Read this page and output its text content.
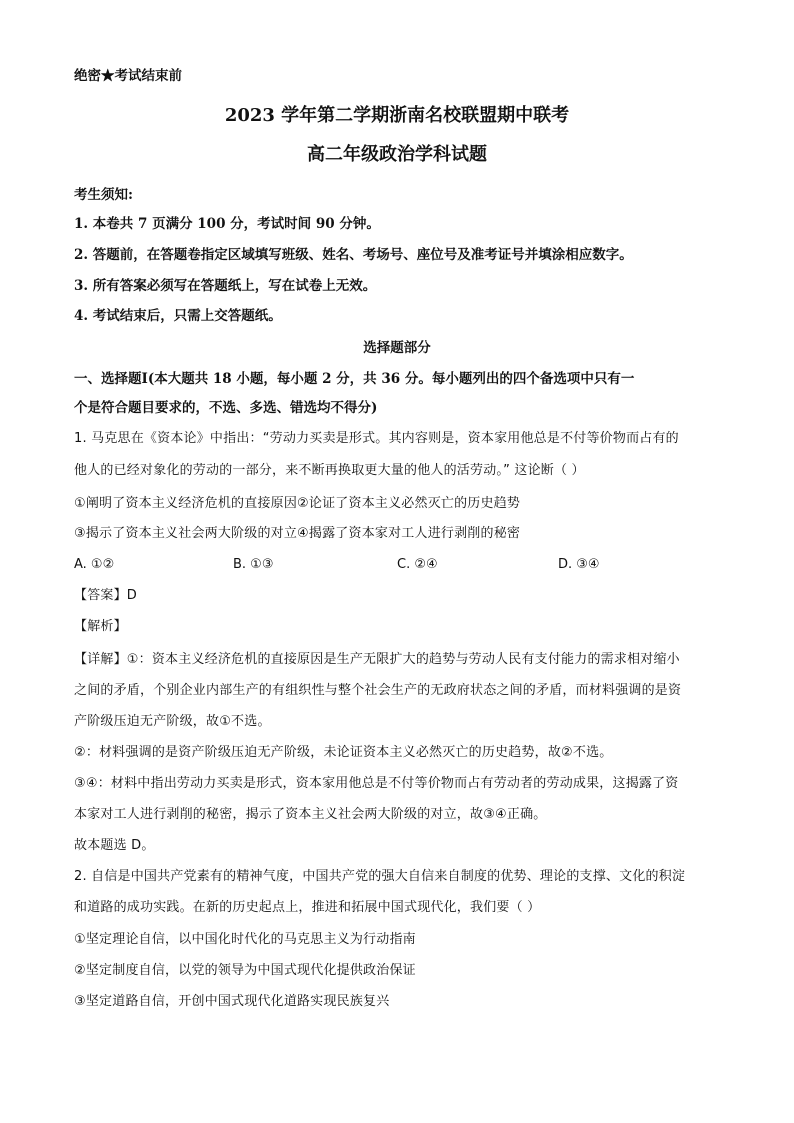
绝密★考试结束前
2023 学年第二学期浙南名校联盟期中联考
高二年级政治学科试题
考生须知:
1. 本卷共 7 页满分 100 分，考试时间 90 分钟。
2. 答题前，在答题卷指定区域填写班级、姓名、考场号、座位号及准考证号并填涂相应数字。
3. 所有答案必须写在答题纸上，写在试卷上无效。
4. 考试结束后，只需上交答题纸。
选择题部分
一、选择题Ⅰ(本大题共 18 小题，每小题 2 分，共 36 分。每小题列出的四个备选项中只有一
个是符合题目要求的，不选、多选、错选均不得分)
1. 马克思在《资本论》中指出：“劳动力买卖是形式。其内容则是，资本家用他总是不付等价物而占有的
他人的已经对象化的劳动的一部分，来不断再换取更大量的他人的活劳动。” 这论断（ ）
①阐明了资本主义经济危机的直接原因②论证了资本主义必然灭亡的历史趋势
③揭示了资本主义社会两大阶级的对立④揭露了资本家对工人进行剥削的秘密
A. ①②	B. ①③	C. ②④	D. ③④
【答案】D
【解析】
【详解】①：资本主义经济危机的直接原因是生产无限扩大的趋势与劳动人民有支付能力的需求相对缩小
之间的矛盾，个别企业内部生产的有组织性与整个社会生产的无政府状态之间的矛盾，而材料强调的是资
产阶级压迫无产阶级，故①不选。
②：材料强调的是资产阶级压迫无产阶级，未论证资本主义必然灭亡的历史趋势，故②不选。
③④：材料中指出劳动力买卖是形式，资本家用他总是不付等价物而占有劳动者的劳动成果，这揭露了资
本家对工人进行剥削的秘密，揭示了资本主义社会两大阶级的对立，故③④正确。
故本题选 D。
2. 自信是中国共产党素有的精神气度，中国共产党的强大自信来自制度的优势、理论的支撑、文化的积淀
和道路的成功实践。在新的历史起点上，推进和拓展中国式现代化，我们要（ ）
①坚定理论自信，以中国化时代化的马克思主义为行动指南
②坚定制度自信，以党的领导为中国式现代化提供政治保证
③坚定道路自信，开创中国式现代化道路实现民族复兴
